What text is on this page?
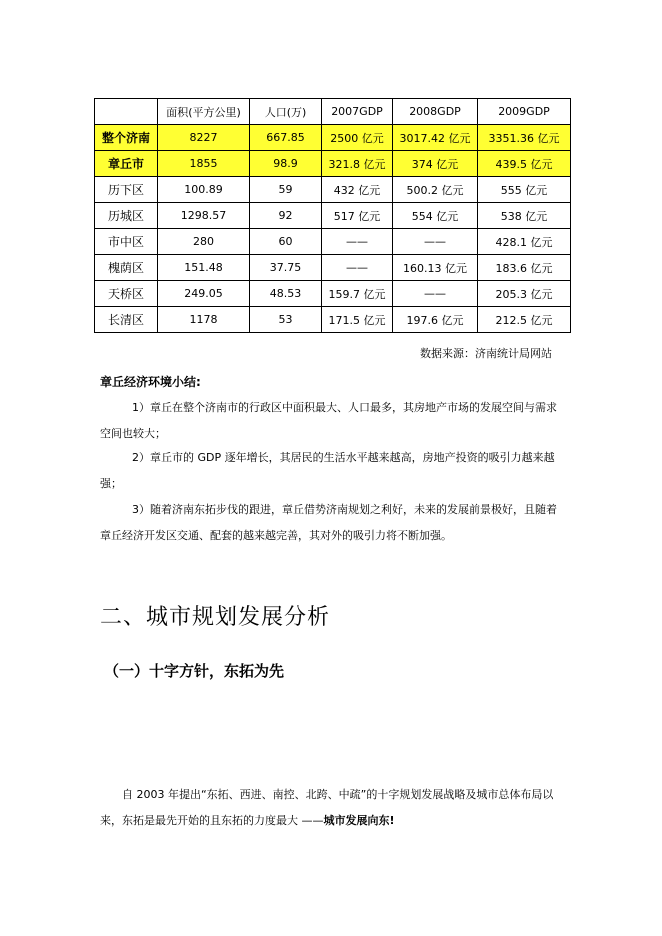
	面积(平方公里)	人口(万)	2007GDP	2008GDP	2009GDP
整个济南	8227	667.85	2500 亿元	3017.42 亿元	3351.36 亿元
章丘市	1855	98.9	321.8 亿元	374 亿元	439.5 亿元
历下区	100.89	59	432 亿元	500.2 亿元	555 亿元
历城区	1298.57	92	517 亿元	554 亿元	538 亿元
市中区	280	60	——	——	428.1 亿元
槐荫区	151.48	37.75	——	160.13 亿元	183.6 亿元
天桥区	249.05	48.53	159.7 亿元	——	205.3 亿元
长清区	1178	53	171.5 亿元	197.6 亿元	212.5 亿元
数据来源：济南统计局网站
章丘经济环境小结:

1）章丘在整个济南市的行政区中面积最大、人口最多，其房地产市场的发展空间与需求空间也较大；

2）章丘市的 GDP 逐年增长，其居民的生活水平越来越高，房地产投资的吸引力越来越强；

3）随着济南东拓步伐的跟进，章丘借势济南规划之利好，未来的发展前景极好，且随着章丘经济开发区交通、配套的越来越完善，其对外的吸引力将不断加强。

二、城市规划发展分析
（一）十字方针，东拓为先

自 2003 年提出“东拓、西进、南控、北跨、中疏”的十字规划发展战略及城市总体布局以来，东拓是最先开始的且东拓的力度最大 ——城市发展向东!
